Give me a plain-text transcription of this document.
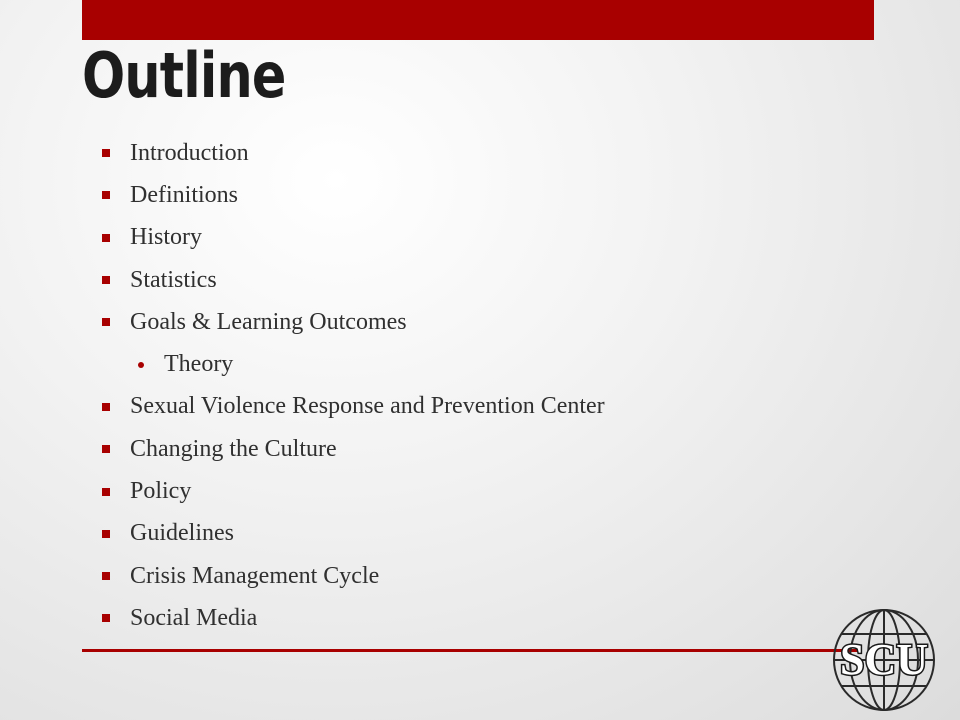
Outline
Introduction
Definitions
History
Statistics
Goals & Learning Outcomes
Theory
Sexual Violence Response and Prevention Center
Changing the Culture
Policy
Guidelines
Crisis Management Cycle
Social Media
SCU
